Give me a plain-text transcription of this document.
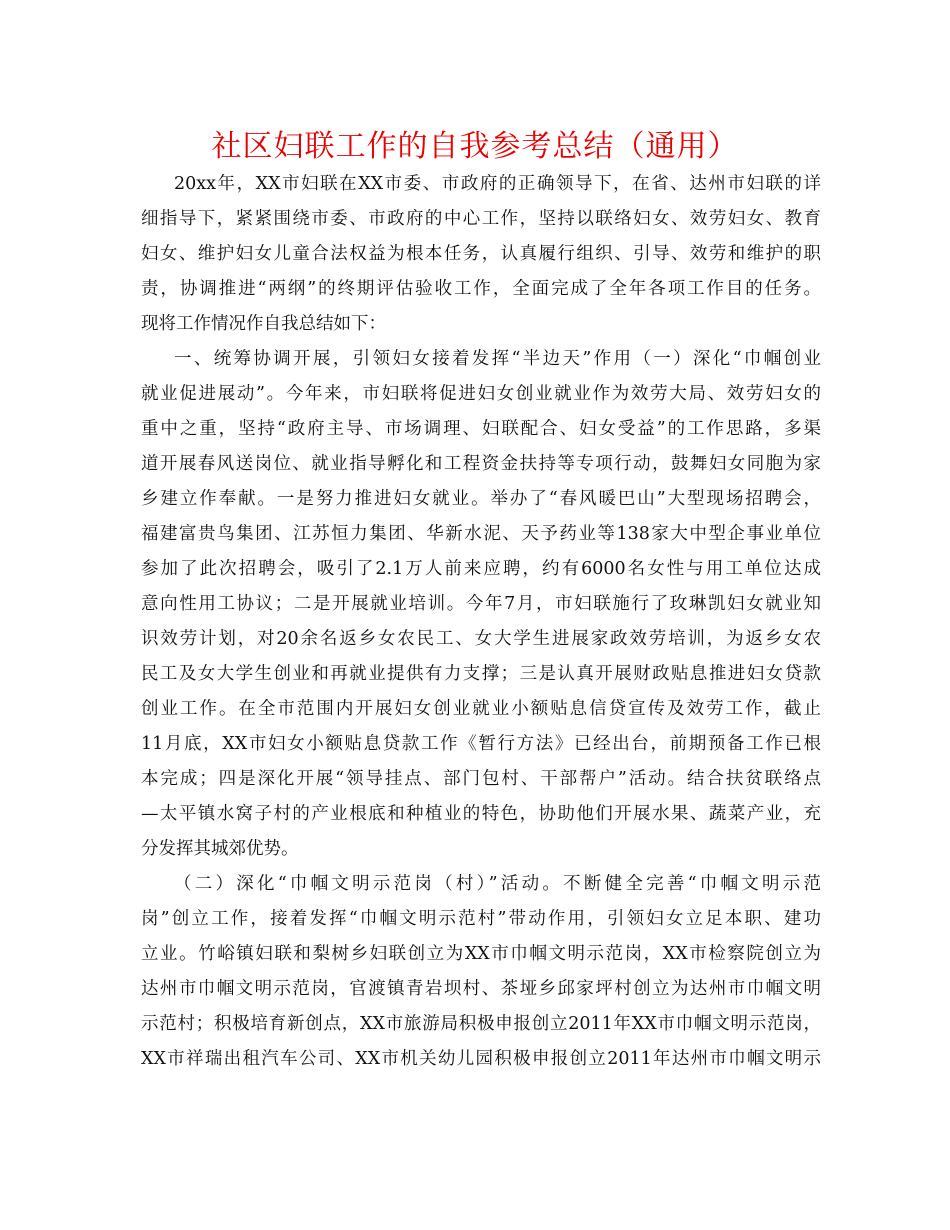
社区妇联工作的自我参考总结（通用）

20xx年，XX市妇联在XX市委、市政府的正确领导下，在省、达州市妇联的详

细指导下，紧紧围绕市委、市政府的中心工作，坚持以联络妇女、效劳妇女、教育

妇女、维护妇女儿童合法权益为根本任务，认真履行组织、引导、效劳和维护的职

责，协调推进“两纲”的终期评估验收工作，全面完成了全年各项工作目的任务。

现将工作情况作自我总结如下：

一、统筹协调开展，引领妇女接着发挥“半边天”作用（一）深化“巾帼创业

就业促进展动”。今年来，市妇联将促进妇女创业就业作为效劳大局、效劳妇女的

重中之重，坚持“政府主导、市场调理、妇联配合、妇女受益”的工作思路，多渠

道开展春风送岗位、就业指导孵化和工程资金扶持等专项行动，鼓舞妇女同胞为家

乡建立作奉献。一是努力推进妇女就业。举办了“春风暖巴山”大型现场招聘会，

福建富贵鸟集团、江苏恒力集团、华新水泥、天予药业等138家大中型企事业单位

参加了此次招聘会，吸引了2.1万人前来应聘，约有6000名女性与用工单位达成

意向性用工协议；二是开展就业培训。今年7月，市妇联施行了玫琳凯妇女就业知

识效劳计划，对20余名返乡女农民工、女大学生进展家政效劳培训，为返乡女农

民工及女大学生创业和再就业提供有力支撑；三是认真开展财政贴息推进妇女贷款

创业工作。在全市范围内开展妇女创业就业小额贴息信贷宣传及效劳工作，截止

11月底，XX市妇女小额贴息贷款工作《暂行方法》已经出台，前期预备工作已根

本完成；四是深化开展“领导挂点、部门包村、干部帮户”活动。结合扶贫联络点

—太平镇水窝子村的产业根底和种植业的特色，协助他们开展水果、蔬菜产业，充

分发挥其城郊优势。

（二）深化“巾帼文明示范岗（村）”活动。不断健全完善“巾帼文明示范

岗”创立工作，接着发挥“巾帼文明示范村”带动作用，引领妇女立足本职、建功

立业。竹峪镇妇联和梨树乡妇联创立为XX市巾帼文明示范岗，XX市检察院创立为

达州市巾帼文明示范岗，官渡镇青岩坝村、茶垭乡邱家坪村创立为达州市巾帼文明

示范村；积极培育新创点，XX市旅游局积极申报创立2011年XX市巾帼文明示范岗，

XX市祥瑞出租汽车公司、XX市机关幼儿园积极申报创立2011年达州市巾帼文明示
